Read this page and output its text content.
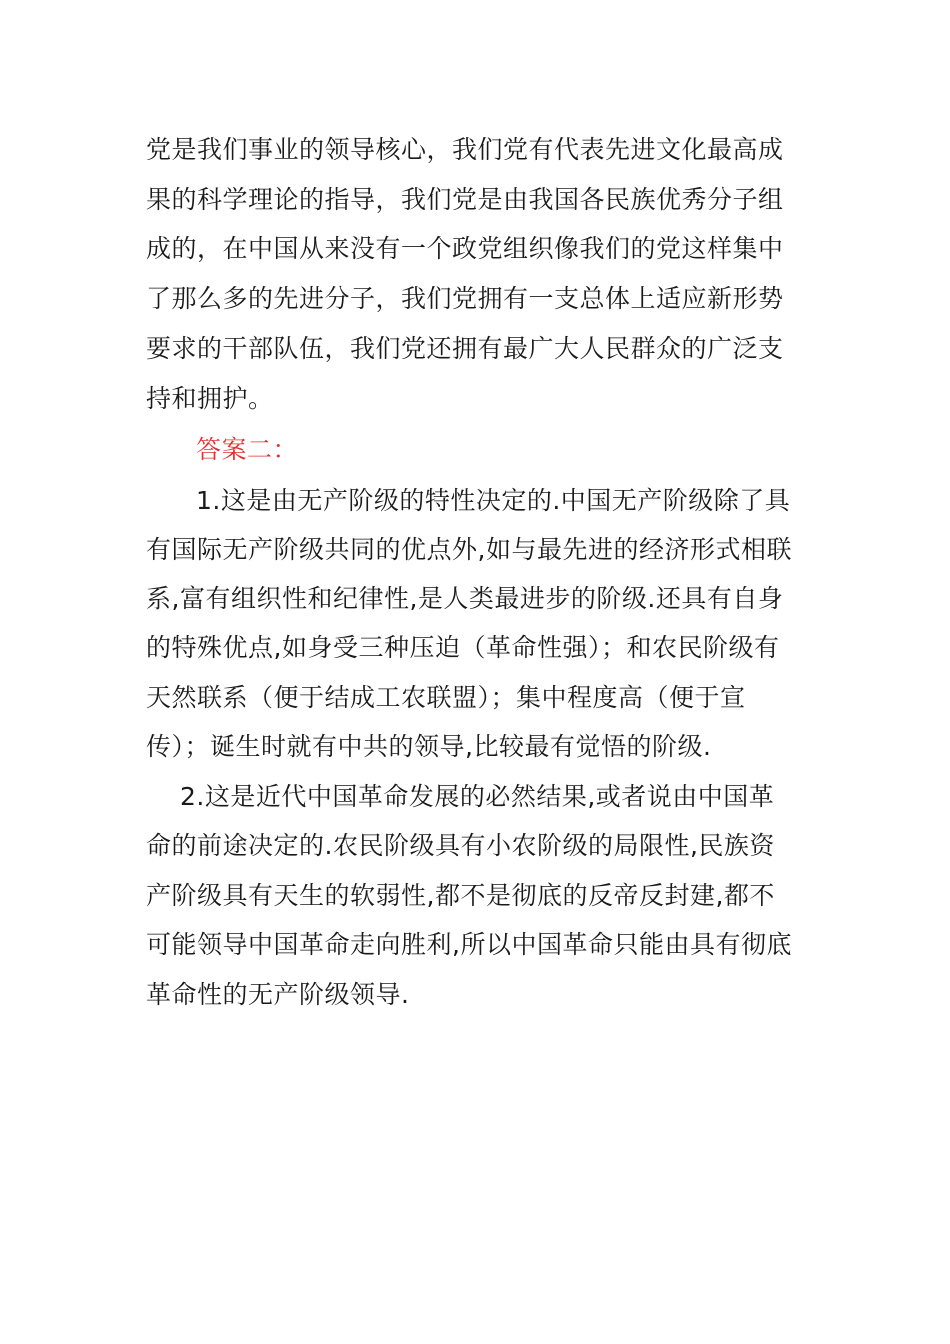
党是我们事业的领导核心，我们党有代表先进文化最高成
果的科学理论的指导，我们党是由我国各民族优秀分子组
成的，在中国从来没有一个政党组织像我们的党这样集中
了那么多的先进分子，我们党拥有一支总体上适应新形势
要求的干部队伍，我们党还拥有最广大人民群众的广泛支
持和拥护。
答案二：
1.这是由无产阶级的特性决定的.中国无产阶级除了具
有国际无产阶级共同的优点外,如与最先进的经济形式相联
系,富有组织性和纪律性,是人类最进步的阶级.还具有自身
的特殊优点,如身受三种压迫（革命性强）；和农民阶级有
天然联系（便于结成工农联盟）；集中程度高（便于宣
传）；诞生时就有中共的领导,比较最有觉悟的阶级.
2.这是近代中国革命发展的必然结果,或者说由中国革
命的前途决定的.农民阶级具有小农阶级的局限性,民族资
产阶级具有天生的软弱性,都不是彻底的反帝反封建,都不
可能领导中国革命走向胜利,所以中国革命只能由具有彻底
革命性的无产阶级领导.
